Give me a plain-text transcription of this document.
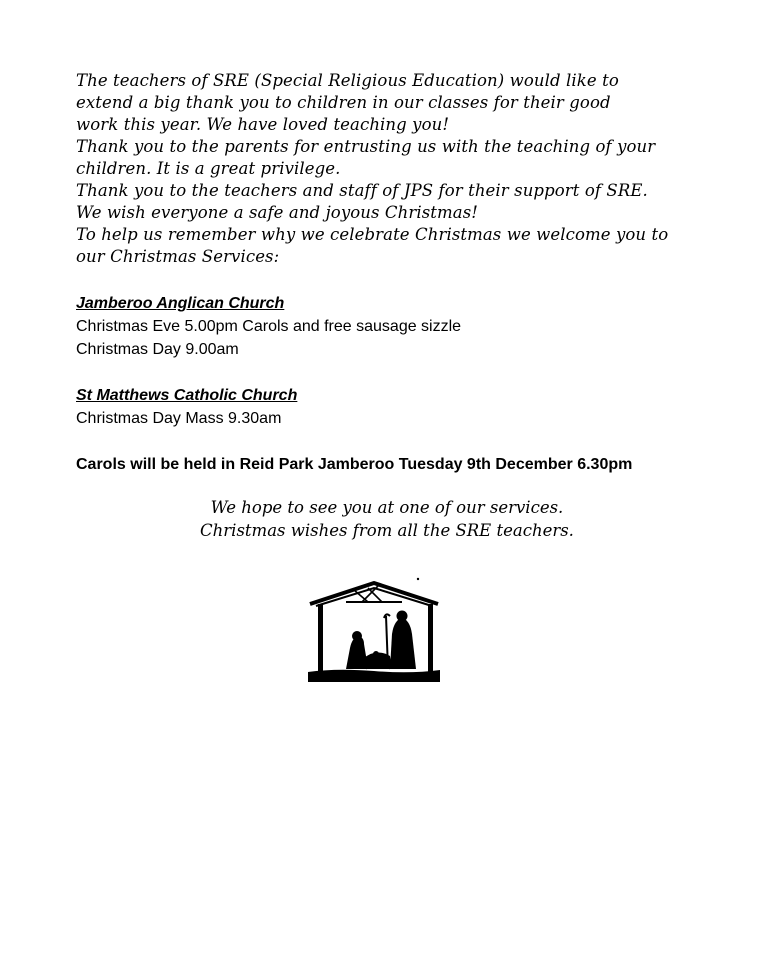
The teachers of SRE (Special Religious Education) would like to
extend a big thank you to children in our classes for their good
work this year. We have loved teaching you!
Thank you to the parents for entrusting us with the teaching of your
children. It is a great privilege.
Thank you to the teachers and staff of JPS for their support of SRE.
We wish everyone a safe and joyous Christmas!
To help us remember why we celebrate Christmas we welcome you to
our Christmas Services:

Jamberoo Anglican Church
Christmas Eve 5.00pm Carols and free sausage sizzle
Christmas Day 9.00am
St Matthews Catholic Church
Christmas Day Mass 9.30am
Carols will be held in Reid Park Jamberoo Tuesday 9th December 6.30pm
We hope to see you at one of our services.
Christmas wishes from all the SRE teachers.
